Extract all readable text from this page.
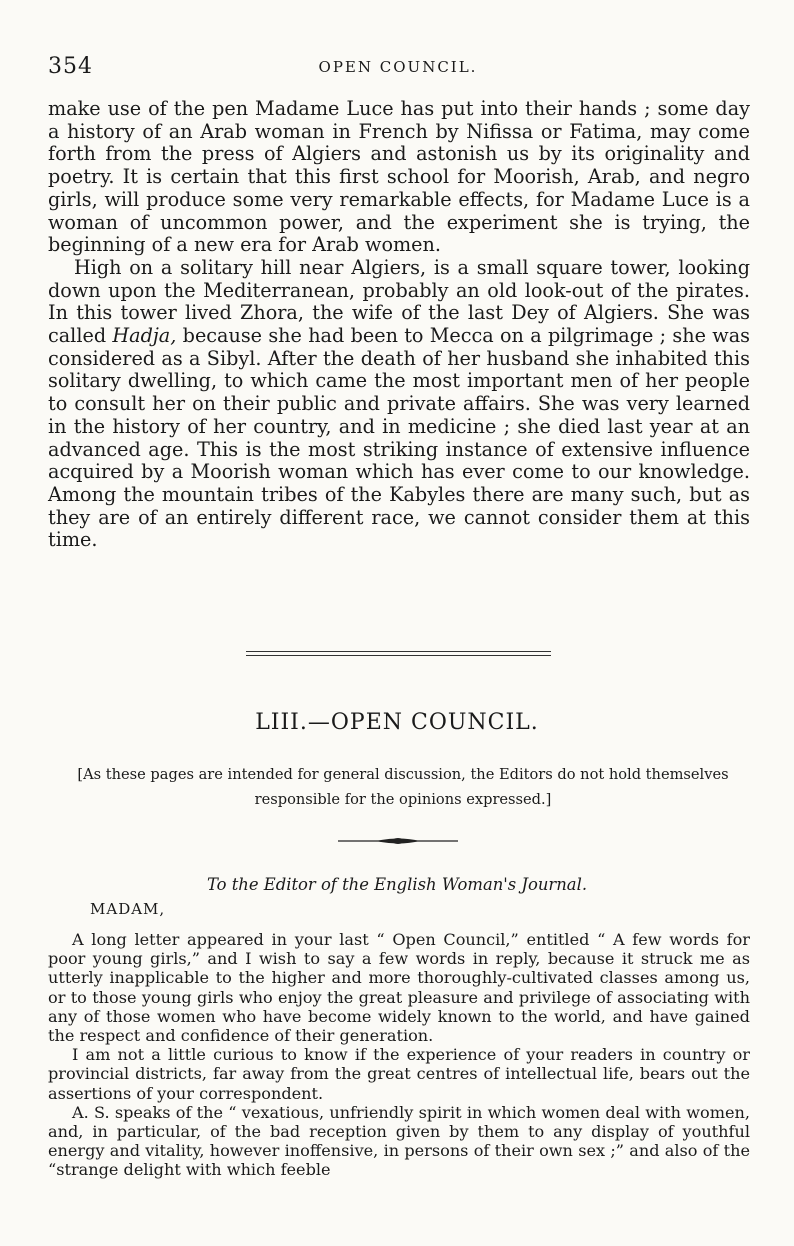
354	OPEN COUNCIL.

make use of the pen Madame Luce has put into their hands ; some day a history of an Arab woman in French by Nifissa or Fatima, may come forth from the press of Algiers and astonish us by its originality and poetry. It is certain that this first school for Moorish, Arab, and negro girls, will produce some very remarkable effects, for Madame Luce is a woman of uncommon power, and the experiment she is trying, the beginning of a new era for Arab women.

High on a solitary hill near Algiers, is a small square tower, looking down upon the Mediterranean, probably an old look-out of the pirates. In this tower lived Zhora, the wife of the last Dey of Algiers. She was called Hadja, because she had been to Mecca on a pilgrimage ; she was considered as a Sibyl. After the death of her husband she inhabited this solitary dwelling, to which came the most important men of her people to consult her on their public and private affairs. She was very learned in the history of her country, and in medicine ; she died last year at an advanced age. This is the most striking instance of extensive influence acquired by a Moorish woman which has ever come to our knowledge. Among the mountain tribes of the Kabyles there are many such, but as they are of an entirely different race, we cannot consider them at this time.

LIII.—OPEN COUNCIL.
[As these pages are intended for general discussion, the Editors do not hold themselves responsible for the opinions expressed.]
To the Editor of the English Woman's Journal.
MADAM,

A long letter appeared in your last “ Open Council,” entitled “ A few words for poor young girls,” and I wish to say a few words in reply, because it struck me as utterly inapplicable to the higher and more thoroughly-cultivated classes among us, or to those young girls who enjoy the great pleasure and privilege of associating with any of those women who have become widely known to the world, and have gained the respect and confidence of their generation.

I am not a little curious to know if the experience of your readers in country or provincial districts, far away from the great centres of intellectual life, bears out the assertions of your correspondent.

A. S. speaks of the “ vexatious, unfriendly spirit in which women deal with women, and, in particular, of the bad reception given by them to any display of youthful energy and vitality, however inoffensive, in persons of their own sex ;” and also of the “strange delight with which feeble
